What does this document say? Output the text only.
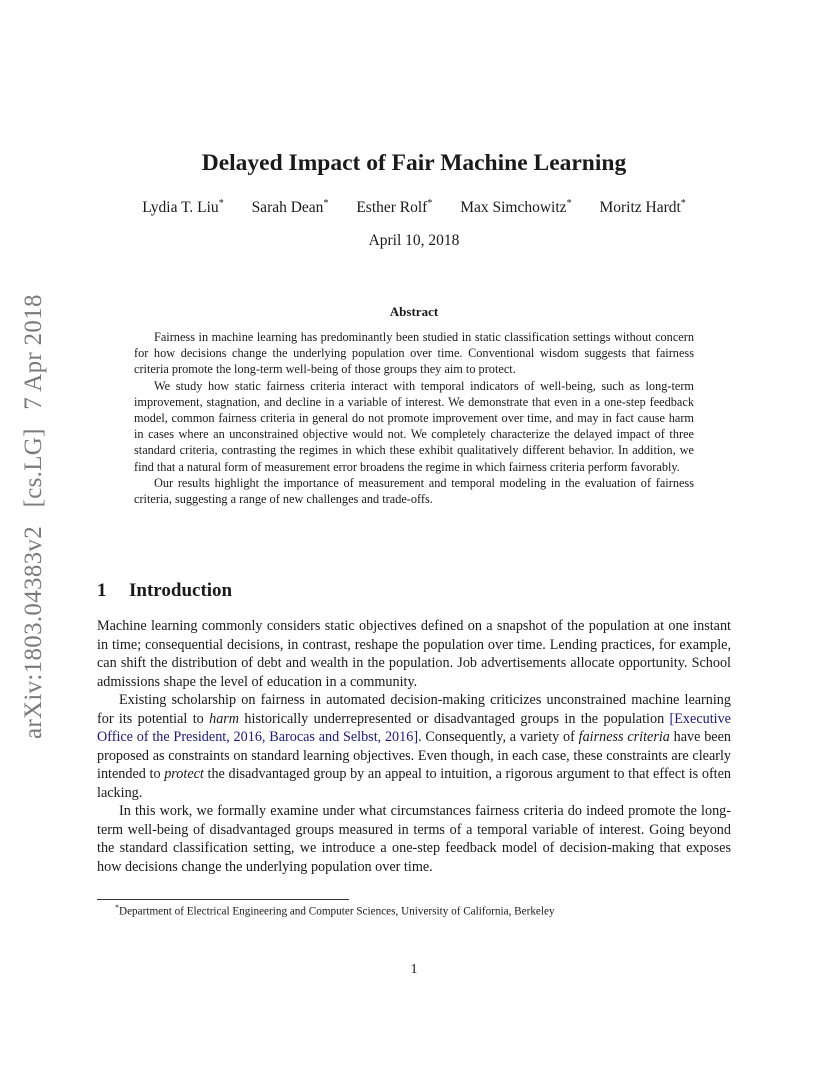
arXiv:1803.04383v2 [cs.LG] 7 Apr 2018
Delayed Impact of Fair Machine Learning
Lydia T. Liu* Sarah Dean* Esther Rolf* Max Simchowitz* Moritz Hardt*
April 10, 2018
Abstract

Fairness in machine learning has predominantly been studied in static classification settings without concern for how decisions change the underlying population over time. Conventional wisdom suggests that fairness criteria promote the long-term well-being of those groups they aim to protect.

We study how static fairness criteria interact with temporal indicators of well-being, such as long-term improvement, stagnation, and decline in a variable of interest. We demonstrate that even in a one-step feedback model, common fairness criteria in general do not promote improvement over time, and may in fact cause harm in cases where an unconstrained objective would not. We completely characterize the delayed impact of three standard criteria, contrasting the regimes in which these exhibit qualitatively different behavior. In addition, we find that a natural form of measurement error broadens the regime in which fairness criteria perform favorably.

Our results highlight the importance of measurement and temporal modeling in the evaluation of fairness criteria, suggesting a range of new challenges and trade-offs.

1 Introduction

Machine learning commonly considers static objectives defined on a snapshot of the population at one instant in time; consequential decisions, in contrast, reshape the population over time. Lending practices, for example, can shift the distribution of debt and wealth in the population. Job advertisements allocate opportunity. School admissions shape the level of education in a community.

Existing scholarship on fairness in automated decision-making criticizes unconstrained machine learning for its potential to harm historically underrepresented or disadvantaged groups in the population [Executive Office of the President, 2016, Barocas and Selbst, 2016]. Consequently, a variety of fairness criteria have been proposed as constraints on standard learning objectives. Even though, in each case, these constraints are clearly intended to protect the disadvantaged group by an appeal to intuition, a rigorous argument to that effect is often lacking.

In this work, we formally examine under what circumstances fairness criteria do indeed promote the long-term well-being of disadvantaged groups measured in terms of a temporal variable of interest. Going beyond the standard classification setting, we introduce a one-step feedback model of decision-making that exposes how decisions change the underlying population over time.

*Department of Electrical Engineering and Computer Sciences, University of California, Berkeley
1
